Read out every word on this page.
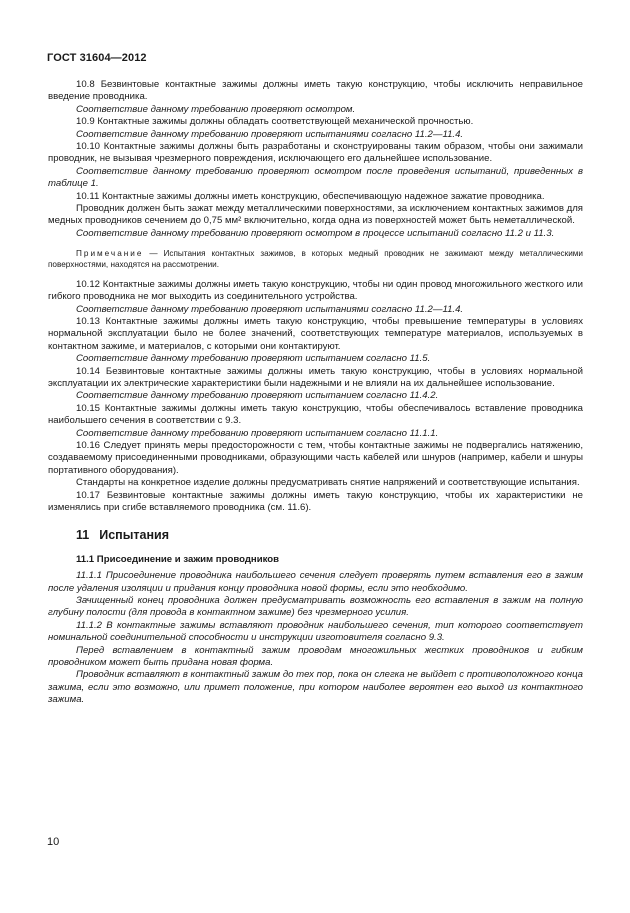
ГОСТ 31604—2012

10.8 Безвинтовые контактные зажимы должны иметь такую конструкцию, чтобы исключить неправильное введение проводника.

Соответствие данному требованию проверяют осмотром.

10.9 Контактные зажимы должны обладать соответствующей механической прочностью.

Соответствие данному требованию проверяют испытаниями согласно 11.2—11.4.

10.10 Контактные зажимы должны быть разработаны и сконструированы таким образом, чтобы они зажимали проводник, не вызывая чрезмерного повреждения, исключающего его дальнейшее использование.

Соответствие данному требованию проверяют осмотром после проведения испытаний, приведенных в таблице 1.

10.11 Контактные зажимы должны иметь конструкцию, обеспечивающую надежное зажатие проводника.

Проводник должен быть зажат между металлическими поверхностями, за исключением контактных зажимов для медных проводников сечением до 0,75 мм² включительно, когда одна из поверхностей может быть неметаллической.

Соответствие данному требованию проверяют осмотром в процессе испытаний согласно 11.2 и 11.3.

Примечание — Испытания контактных зажимов, в которых медный проводник не зажимают между металлическими поверхностями, находятся на рассмотрении.

10.12 Контактные зажимы должны иметь такую конструкцию, чтобы ни один провод многожильного жесткого или гибкого проводника не мог выходить из соединительного устройства.

Соответствие данному требованию проверяют испытаниями согласно 11.2—11.4.

10.13 Контактные зажимы должны иметь такую конструкцию, чтобы превышение температуры в условиях нормальной эксплуатации было не более значений, соответствующих температуре материалов, используемых в контактном зажиме, и материалов, с которыми они контактируют.

Соответствие данному требованию проверяют испытанием согласно 11.5.

10.14 Безвинтовые контактные зажимы должны иметь такую конструкцию, чтобы в условиях нормальной эксплуатации их электрические характеристики были надежными и не влияли на их дальнейшее использование.

Соответствие данному требованию проверяют испытанием согласно 11.4.2.

10.15 Контактные зажимы должны иметь такую конструкцию, чтобы обеспечивалось вставление проводника наибольшего сечения в соответствии с 9.3.

Соответствие данному требованию проверяют испытанием согласно 11.1.1.

10.16 Следует принять меры предосторожности с тем, чтобы контактные зажимы не подвергались натяжению, создаваемому присоединенными проводниками, образующими часть кабелей или шнуров (например, кабели и шнуры портативного оборудования).

Стандарты на конкретное изделие должны предусматривать снятие напряжений и соответствующие испытания.

10.17 Безвинтовые контактные зажимы должны иметь такую конструкцию, чтобы их характеристики не изменялись при сгибе вставляемого проводника (см. 11.6).

11 Испытания

11.1 Присоединение и зажим проводников

11.1.1 Присоединение проводника наибольшего сечения следует проверять путем вставления его в зажим после удаления изоляции и придания концу проводника новой формы, если это необходимо.

Зачищенный конец проводника должен предусматривать возможность его вставления в зажим на полную глубину полости (для провода в контактном зажиме) без чрезмерного усилия.

11.1.2 В контактные зажимы вставляют проводник наибольшего сечения, тип которого соответствует номинальной соединительной способности и инструкции изготовителя согласно 9.3.

Перед вставлением в контактный зажим проводам многожильных жестких проводников и гибким проводником может быть придана новая форма.

Проводник вставляют в контактный зажим до тех пор, пока он слегка не выйдет с противоположного конца зажима, если это возможно, или примет положение, при котором наиболее вероятен его выход из контактного зажима.

10
